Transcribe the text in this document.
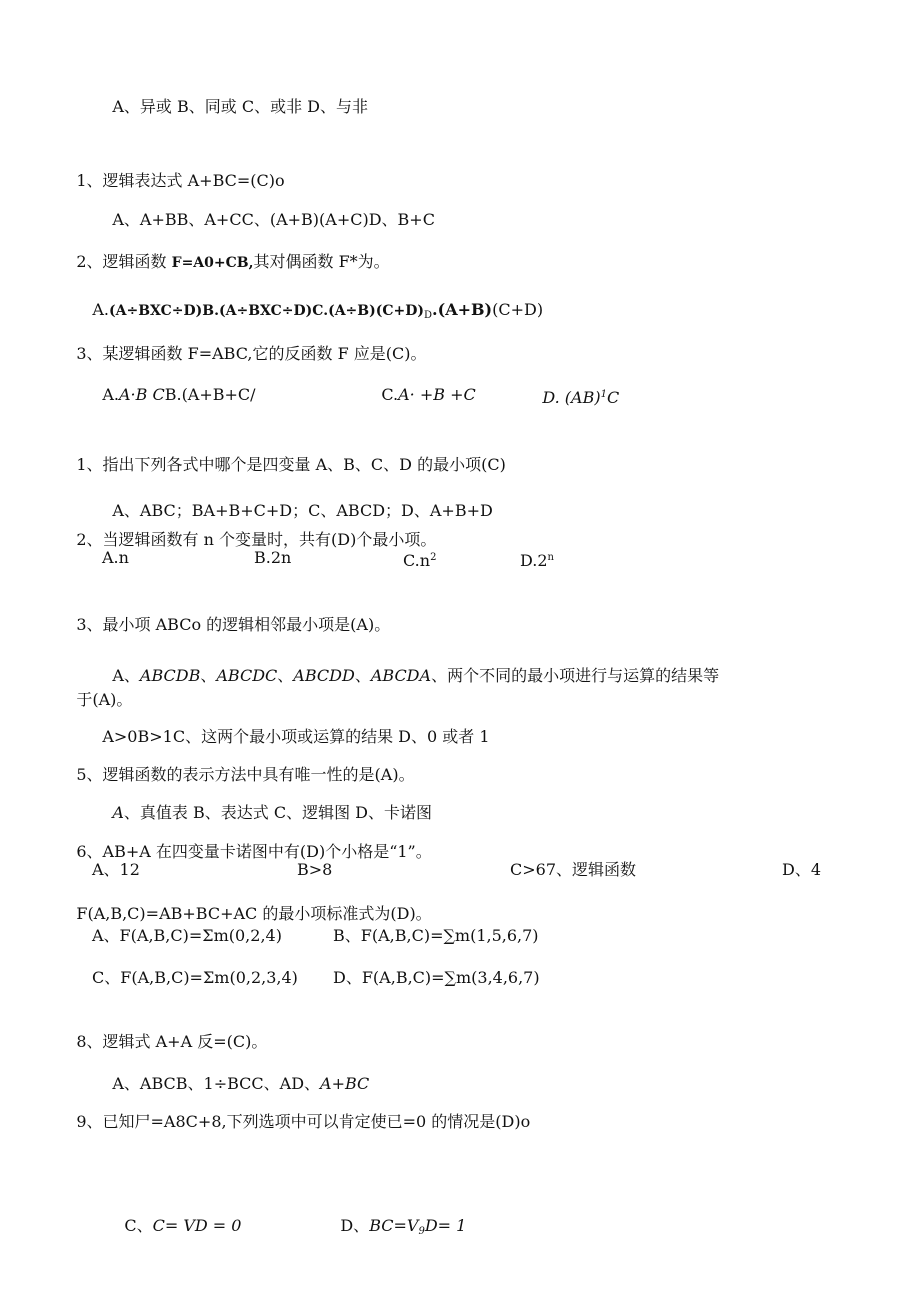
A、异或 B、同或 C、或非 D、与非

1、逻辑表达式 A+BC=(C)o

A、A+BB、A+CC、(A+B)(A+C)D、B+C

2、逻辑函数 F=A0+CB,其对偶函数 F*为。

$A.(A\div BXC\div D)B.(A\div BXC\div D)C.(A\div B)(C+D)_D.(A+B)(C+D)$

3、某逻辑函数 F=ABC,它的反函数 F 应是(C)。

A.A·B CB.(A+B+C/
	C.A· +B +C
	D. (AB)$^1$C

1、指出下列各式中哪个是四变量 A、B、C、D 的最小项(C)

A、ABC；BA+B+C+D；C、ABCD；D、A+B+D

2、当逻辑函数有 n 个变量时，共有(D)个最小项。

A.n	B.2n	$C.n^2$	D.2$^n$

3、最小项 ABCo 的逻辑相邻最小项是(A)。

A、ABCDB、ABCDC、ABCDD、ABCDA、两个不同的最小项进行与运算的结果等

于(A)。

A>0B>1C、这两个最小项或运算的结果 D、0 或者 1

5、逻辑函数的表示方法中具有唯一性的是(A)。

A、真值表 B、表达式 C、逻辑图 D、卡诺图

6、AB+A 在四变量卡诺图中有(D)个小格是“1”。

A、12	B>8	C>67、逻辑函数	D、4

F(A,B,C)=AB+BC+AC 的最小项标准式为(D)。

A、F(A,B,C)=Σm(0,2,4)	B、F(A,B,C)=∑m(1,5,6,7)
C、F(A,B,C)=Σm(0,2,3,4) D、F(A,B,C)=∑m(3,4,6,7)

8、逻辑式 A+A 反=(C)。

A、ABCB、1÷BCC、AD、A+BC

9、已知尸=A8C+8,下列选项中可以肯定使已=0 的情况是(D)o

C、C= VD = 0
	D、$BC=V_9D= 1$
